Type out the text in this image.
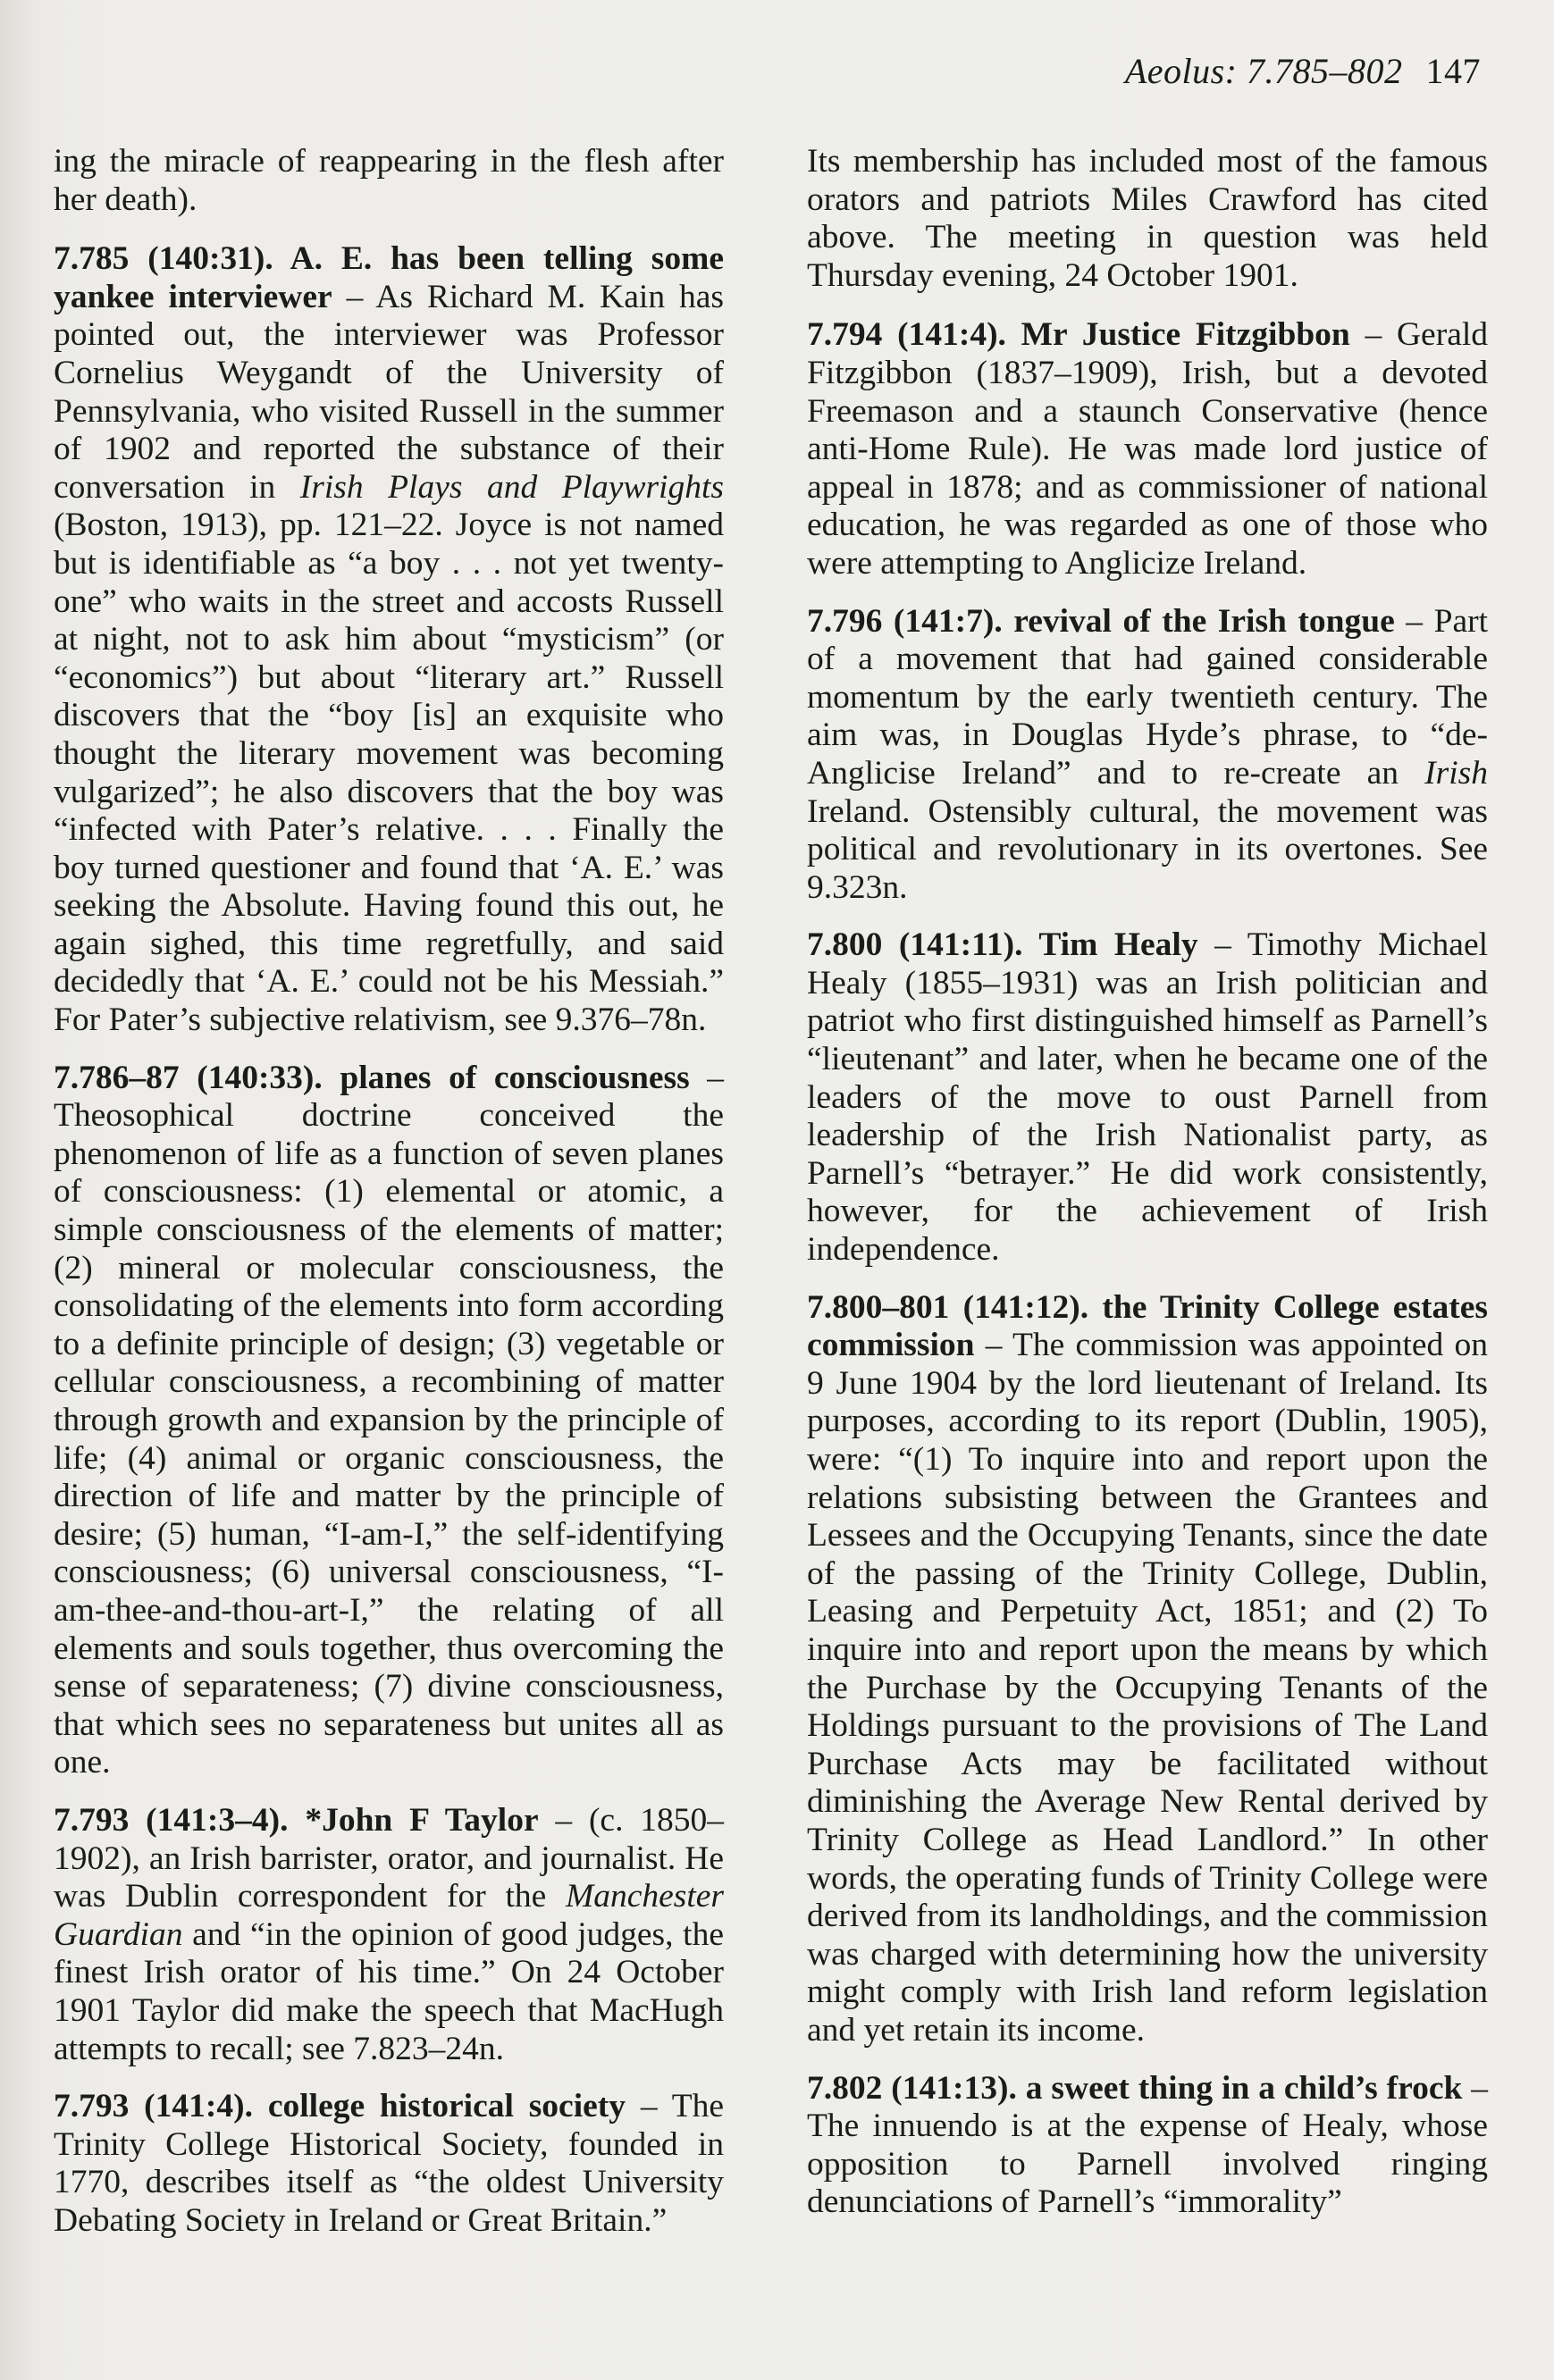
Aeolus: 7.785–802 147

ing the miracle of reappearing in the flesh after her death).

7.785 (140:31). A. E. has been telling some yankee interviewer – As Richard M. Kain has pointed out, the interviewer was Professor Cornelius Weygandt of the University of Pennsylvania, who visited Russell in the summer of 1902 and reported the substance of their conversation in Irish Plays and Playwrights (Boston, 1913), pp. 121–22. Joyce is not named but is identifiable as “a boy . . . not yet twenty-one” who waits in the street and accosts Russell at night, not to ask him about “mysticism” (or “economics”) but about “literary art.” Russell discovers that the “boy [is] an exquisite who thought the literary movement was becoming vulgarized”; he also discovers that the boy was “infected with Pater’s relative. . . . Finally the boy turned questioner and found that ‘A. E.’ was seeking the Absolute. Having found this out, he again sighed, this time regretfully, and said decidedly that ‘A. E.’ could not be his Messiah.” For Pater’s subjective relativism, see 9.376–78n.

7.786–87 (140:33). planes of consciousness – Theosophical doctrine conceived the phenomenon of life as a function of seven planes of consciousness: (1) elemental or atomic, a simple consciousness of the elements of matter; (2) mineral or molecular consciousness, the consolidating of the elements into form according to a definite principle of design; (3) vegetable or cellular consciousness, a recombining of matter through growth and expansion by the principle of life; (4) animal or organic consciousness, the direction of life and matter by the principle of desire; (5) human, “I-am-I,” the self-identifying consciousness; (6) universal consciousness, “I-am-thee-and-thou-art-I,” the relating of all elements and souls together, thus overcoming the sense of separateness; (7) divine consciousness, that which sees no separateness but unites all as one.

7.793 (141:3–4). *John F Taylor – (c. 1850–1902), an Irish barrister, orator, and journalist. He was Dublin correspondent for the Manchester Guardian and “in the opinion of good judges, the finest Irish orator of his time.” On 24 October 1901 Taylor did make the speech that MacHugh attempts to recall; see 7.823–24n.

7.793 (141:4). college historical society – The Trinity College Historical Society, founded in 1770, describes itself as “the oldest University Debating Society in Ireland or Great Britain.”

Its membership has included most of the famous orators and patriots Miles Crawford has cited above. The meeting in question was held Thursday evening, 24 October 1901.

7.794 (141:4). Mr Justice Fitzgibbon – Gerald Fitzgibbon (1837–1909), Irish, but a devoted Freemason and a staunch Conservative (hence anti-Home Rule). He was made lord justice of appeal in 1878; and as commissioner of national education, he was regarded as one of those who were attempting to Anglicize Ireland.

7.796 (141:7). revival of the Irish tongue – Part of a movement that had gained considerable momentum by the early twentieth century. The aim was, in Douglas Hyde’s phrase, to “de-Anglicise Ireland” and to re-create an Irish Ireland. Ostensibly cultural, the movement was political and revolutionary in its overtones. See 9.323n.

7.800 (141:11). Tim Healy – Timothy Michael Healy (1855–1931) was an Irish politician and patriot who first distinguished himself as Parnell’s “lieutenant” and later, when he became one of the leaders of the move to oust Parnell from leadership of the Irish Nationalist party, as Parnell’s “betrayer.” He did work consistently, however, for the achievement of Irish independence.

7.800–801 (141:12). the Trinity College estates commission – The commission was appointed on 9 June 1904 by the lord lieutenant of Ireland. Its purposes, according to its report (Dublin, 1905), were: “(1) To inquire into and report upon the relations subsisting between the Grantees and Lessees and the Occupying Tenants, since the date of the passing of the Trinity College, Dublin, Leasing and Perpetuity Act, 1851; and (2) To inquire into and report upon the means by which the Purchase by the Occupying Tenants of the Holdings pursuant to the provisions of The Land Purchase Acts may be facilitated without diminishing the Average New Rental derived by Trinity College as Head Landlord.” In other words, the operating funds of Trinity College were derived from its landholdings, and the commission was charged with determining how the university might comply with Irish land reform legislation and yet retain its income.

7.802 (141:13). a sweet thing in a child’s frock – The innuendo is at the expense of Healy, whose opposition to Parnell involved ringing denunciations of Parnell’s “immorality”
